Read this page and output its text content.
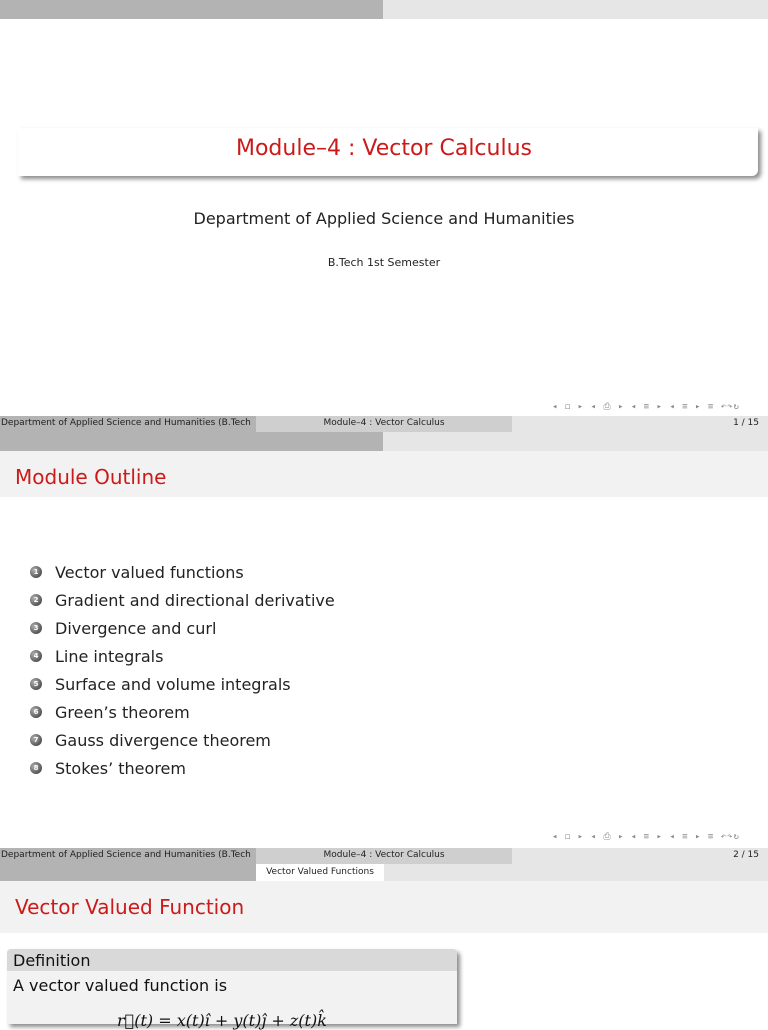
Module–4 : Vector Calculus
Department of Applied Science and Humanities
B.Tech 1st Semester
◂ ◻ ▸ ◂ ⎙ ▸ ◂ ≡ ▸ ◂ ≡ ▸ ≡ ↶↷↻
Department of Applied Science and Humanities (B.Tech	Module–4 : Vector Calculus	1 / 15
Module Outline
1 Vector valued functions
2 Gradient and directional derivative
3 Divergence and curl
4 Line integrals
5 Surface and volume integrals
6 Green’s theorem
7 Gauss divergence theorem
8 Stokes’ theorem
◂ ◻ ▸ ◂ ⎙ ▸ ◂ ≡ ▸ ◂ ≡ ▸ ≡ ↶↷↻
Department of Applied Science and Humanities (B.Tech	Module–4 : Vector Calculus	2 / 15
Vector Valued Functions
Vector Valued Function
Definition
A vector valued function is
r⃗(t) = x(t)î + y(t)ĵ + z(t)k̂
